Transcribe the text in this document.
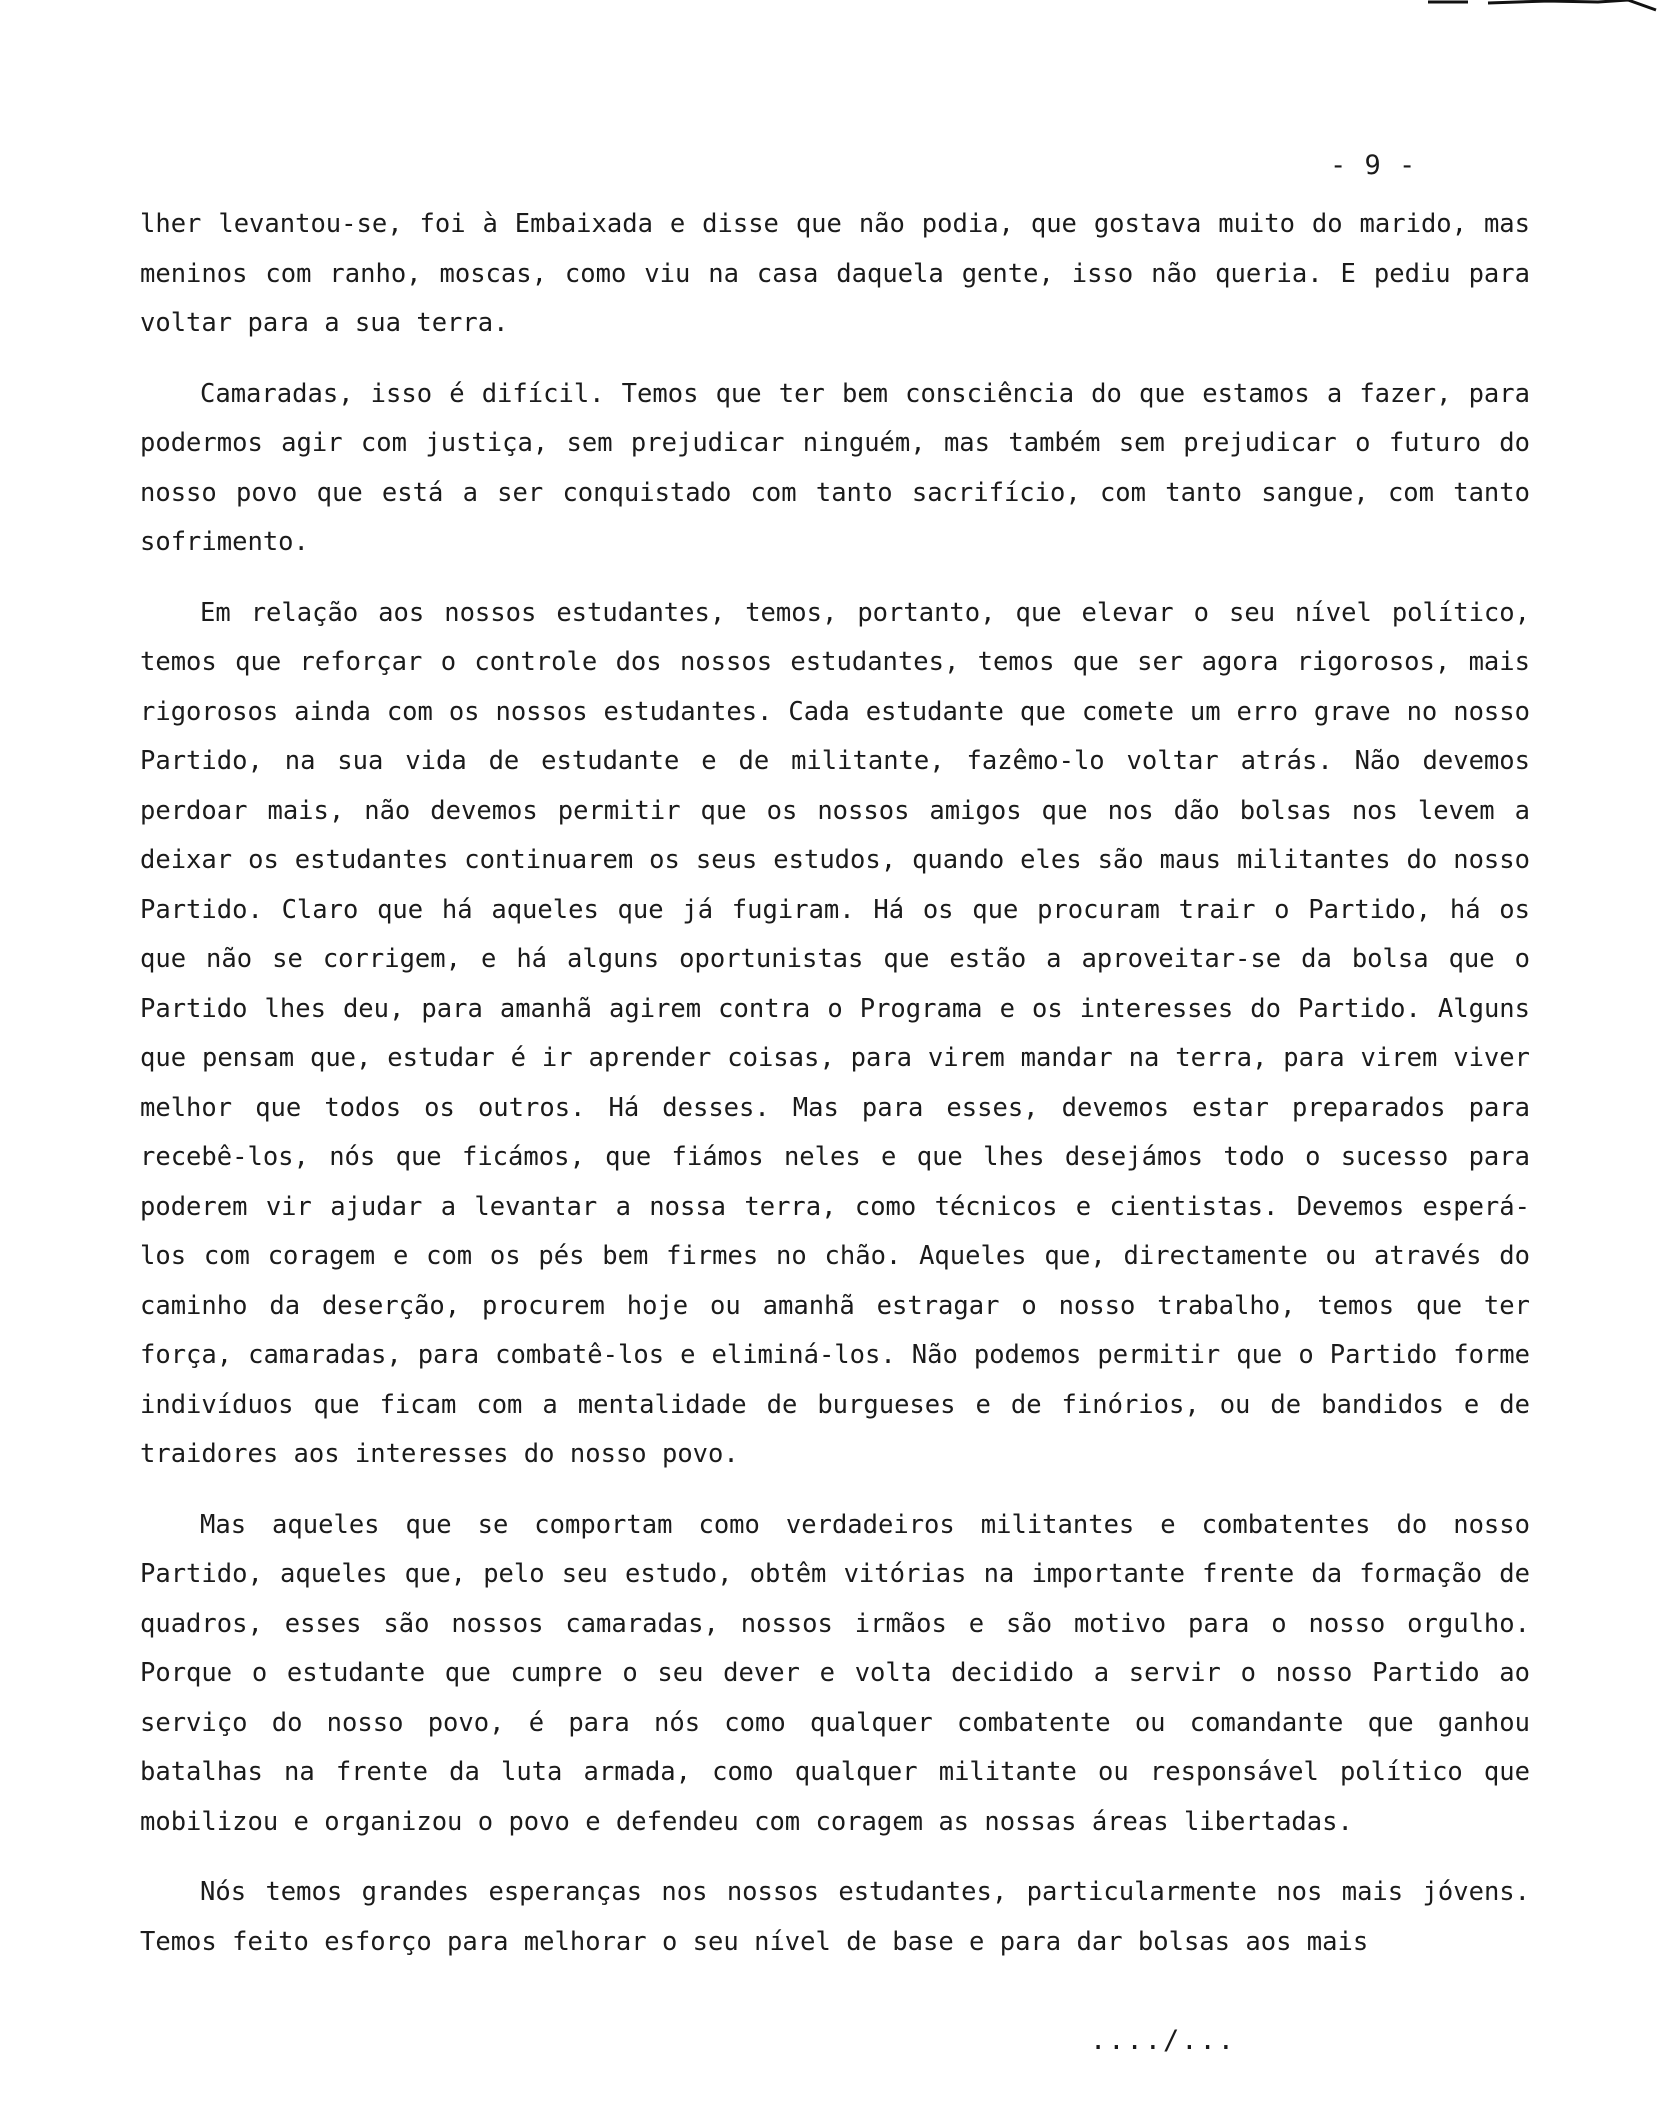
- 9 -

lher levantou-se, foi à Embaixada e disse que não podia, que gostava muito do marido, mas meninos com ranho, moscas, como viu na casa daquela gente, isso não queria. E pediu para voltar para a sua terra.

Camaradas, isso é difícil. Temos que ter bem consciência do que estamos a fazer, para podermos agir com justiça, sem prejudicar ninguém, mas também sem prejudicar o futuro do nosso povo que está a ser conquistado com tanto sacrifício, com tanto sangue, com tanto sofrimento.

Em relação aos nossos estudantes, temos, portanto, que elevar o seu nível político, temos que reforçar o controle dos nossos estudantes, temos que ser agora rigorosos, mais rigorosos ainda com os nossos estudantes. Cada estudante que comete um erro grave no nosso Partido, na sua vida de estudante e de militante, fazêmo-lo voltar atrás. Não devemos perdoar mais, não devemos permitir que os nossos amigos que nos dão bolsas nos levem a deixar os estudantes continuarem os seus estudos, quando eles são maus militantes do nosso Partido. Claro que há aqueles que já fugiram. Há os que procuram trair o Partido, há os que não se corrigem, e há alguns oportunistas que estão a aproveitar-se da bolsa que o Partido lhes deu, para amanhã agirem contra o Programa e os interesses do Partido. Alguns que pensam que, estudar é ir aprender coisas, para virem mandar na terra, para virem viver melhor que todos os outros. Há desses. Mas para esses, devemos estar preparados para recebê-los, nós que ficámos, que fiámos neles e que lhes desejámos todo o sucesso para poderem vir ajudar a levantar a nossa terra, como técnicos e cientistas. Devemos esperá-los com coragem e com os pés bem firmes no chão. Aqueles que, directamente ou através do caminho da deserção, procurem hoje ou amanhã estragar o nosso trabalho, temos que ter força, camaradas, para combatê-los e eliminá-los. Não podemos permitir que o Partido forme indivíduos que ficam com a mentalidade de burgueses e de finórios, ou de bandidos e de traidores aos interesses do nosso povo.

Mas aqueles que se comportam como verdadeiros militantes e combatentes do nosso Partido, aqueles que, pelo seu estudo, obtêm vitórias na importante frente da formação de quadros, esses são nossos camaradas, nossos irmãos e são motivo para o nosso orgulho. Porque o estudante que cumpre o seu dever e volta decidido a servir o nosso Partido ao serviço do nosso povo, é para nós como qualquer combatente ou comandante que ganhou batalhas na frente da luta armada, como qualquer militante ou responsável político que mobilizou e organizou o povo e defendeu com coragem as nossas áreas libertadas.

Nós temos grandes esperanças nos nossos estudantes, particularmente nos mais jóvens. Temos feito esforço para melhorar o seu nível de base e para dar bolsas aos mais

..../...
